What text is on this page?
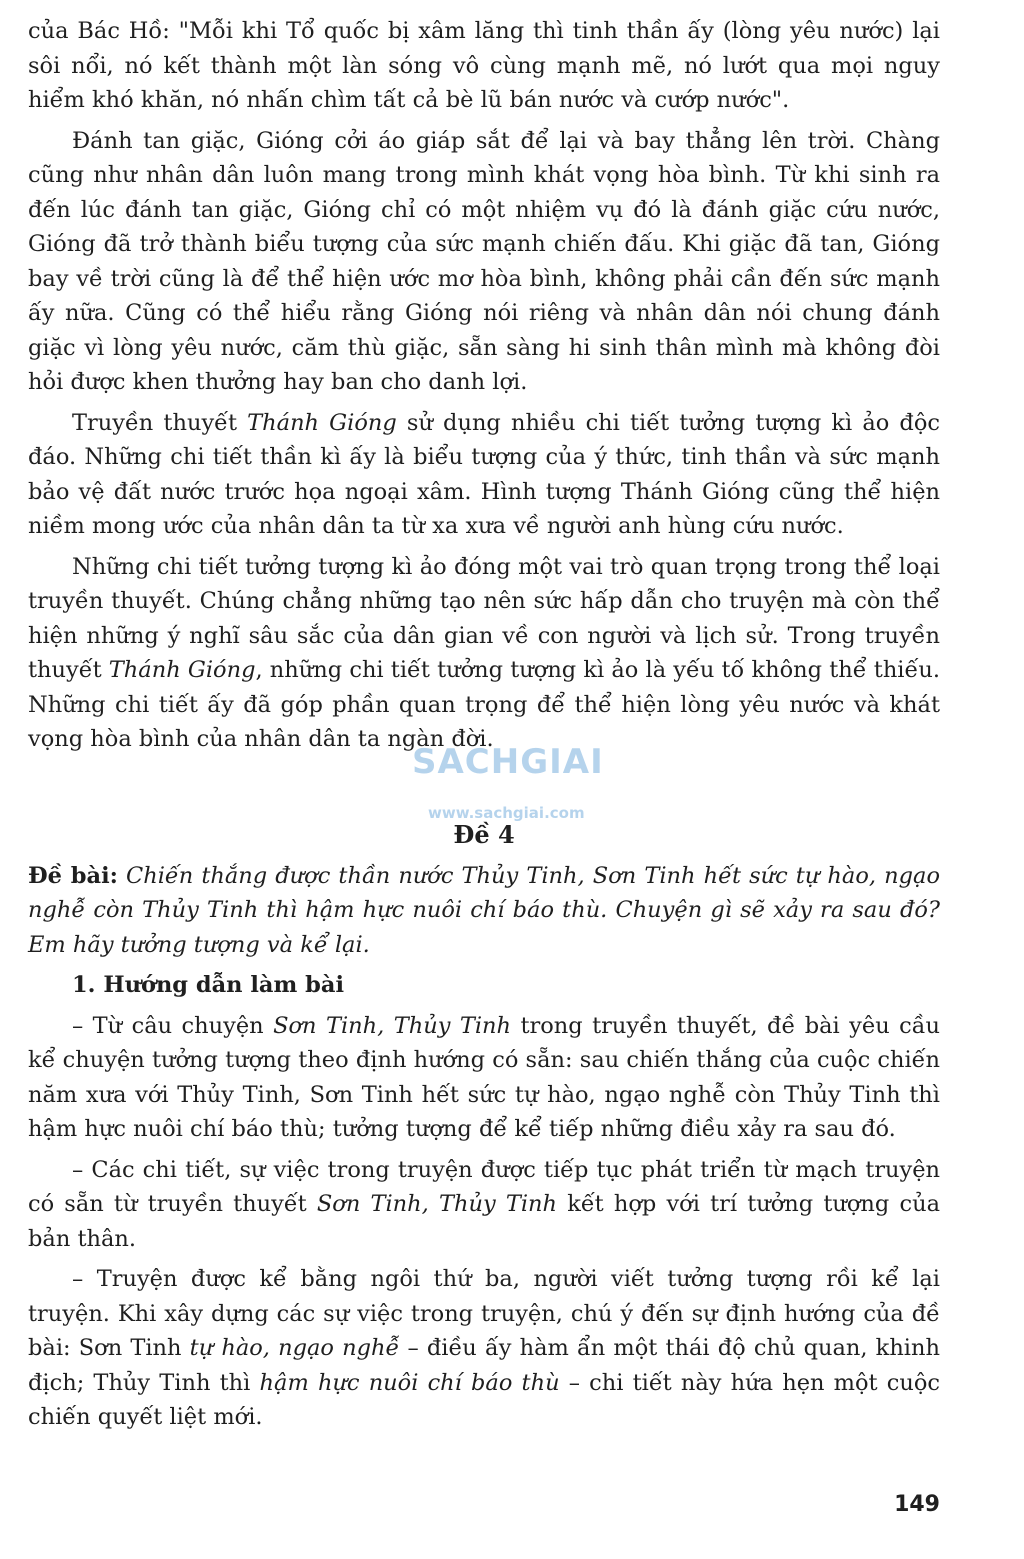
của Bác Hồ: "Mỗi khi Tổ quốc bị xâm lăng thì tinh thần ấy (lòng yêu nước) lại sôi nổi, nó kết thành một làn sóng vô cùng mạnh mẽ, nó lướt qua mọi nguy hiểm khó khăn, nó nhấn chìm tất cả bè lũ bán nước và cướp nước".

Đánh tan giặc, Gióng cởi áo giáp sắt để lại và bay thẳng lên trời. Chàng cũng như nhân dân luôn mang trong mình khát vọng hòa bình. Từ khi sinh ra đến lúc đánh tan giặc, Gióng chỉ có một nhiệm vụ đó là đánh giặc cứu nước, Gióng đã trở thành biểu tượng của sức mạnh chiến đấu. Khi giặc đã tan, Gióng bay về trời cũng là để thể hiện ước mơ hòa bình, không phải cần đến sức mạnh ấy nữa. Cũng có thể hiểu rằng Gióng nói riêng và nhân dân nói chung đánh giặc vì lòng yêu nước, căm thù giặc, sẵn sàng hi sinh thân mình mà không đòi hỏi được khen thưởng hay ban cho danh lợi.

Truyền thuyết Thánh Gióng sử dụng nhiều chi tiết tưởng tượng kì ảo độc đáo. Những chi tiết thần kì ấy là biểu tượng của ý thức, tinh thần và sức mạnh bảo vệ đất nước trước họa ngoại xâm. Hình tượng Thánh Gióng cũng thể hiện niềm mong ước của nhân dân ta từ xa xưa về người anh hùng cứu nước.

Những chi tiết tưởng tượng kì ảo đóng một vai trò quan trọng trong thể loại truyền thuyết. Chúng chẳng những tạo nên sức hấp dẫn cho truyện mà còn thể hiện những ý nghĩ sâu sắc của dân gian về con người và lịch sử. Trong truyền thuyết Thánh Gióng, những chi tiết tưởng tượng kì ảo là yếu tố không thể thiếu. Những chi tiết ấy đã góp phần quan trọng để thể hiện lòng yêu nước và khát vọng hòa bình của nhân dân ta ngàn đời.

Đề 4

Đề bài: Chiến thắng được thần nước Thủy Tinh, Sơn Tinh hết sức tự hào, ngạo nghễ còn Thủy Tinh thì hậm hực nuôi chí báo thù. Chuyện gì sẽ xảy ra sau đó? Em hãy tưởng tượng và kể lại.

1. Hướng dẫn làm bài

– Từ câu chuyện Sơn Tinh, Thủy Tinh trong truyền thuyết, đề bài yêu cầu kể chuyện tưởng tượng theo định hướng có sẵn: sau chiến thắng của cuộc chiến năm xưa với Thủy Tinh, Sơn Tinh hết sức tự hào, ngạo nghễ còn Thủy Tinh thì hậm hực nuôi chí báo thù; tưởng tượng để kể tiếp những điều xảy ra sau đó.

– Các chi tiết, sự việc trong truyện được tiếp tục phát triển từ mạch truyện có sẵn từ truyền thuyết Sơn Tinh, Thủy Tinh kết hợp với trí tưởng tượng của bản thân.

– Truyện được kể bằng ngôi thứ ba, người viết tưởng tượng rồi kể lại truyện. Khi xây dựng các sự việc trong truyện, chú ý đến sự định hướng của đề bài: Sơn Tinh tự hào, ngạo nghễ – điều ấy hàm ẩn một thái độ chủ quan, khinh địch; Thủy Tinh thì hậm hực nuôi chí báo thù – chi tiết này hứa hẹn một cuộc chiến quyết liệt mới.

SACHGIAI
www.sachgiai.com
149
